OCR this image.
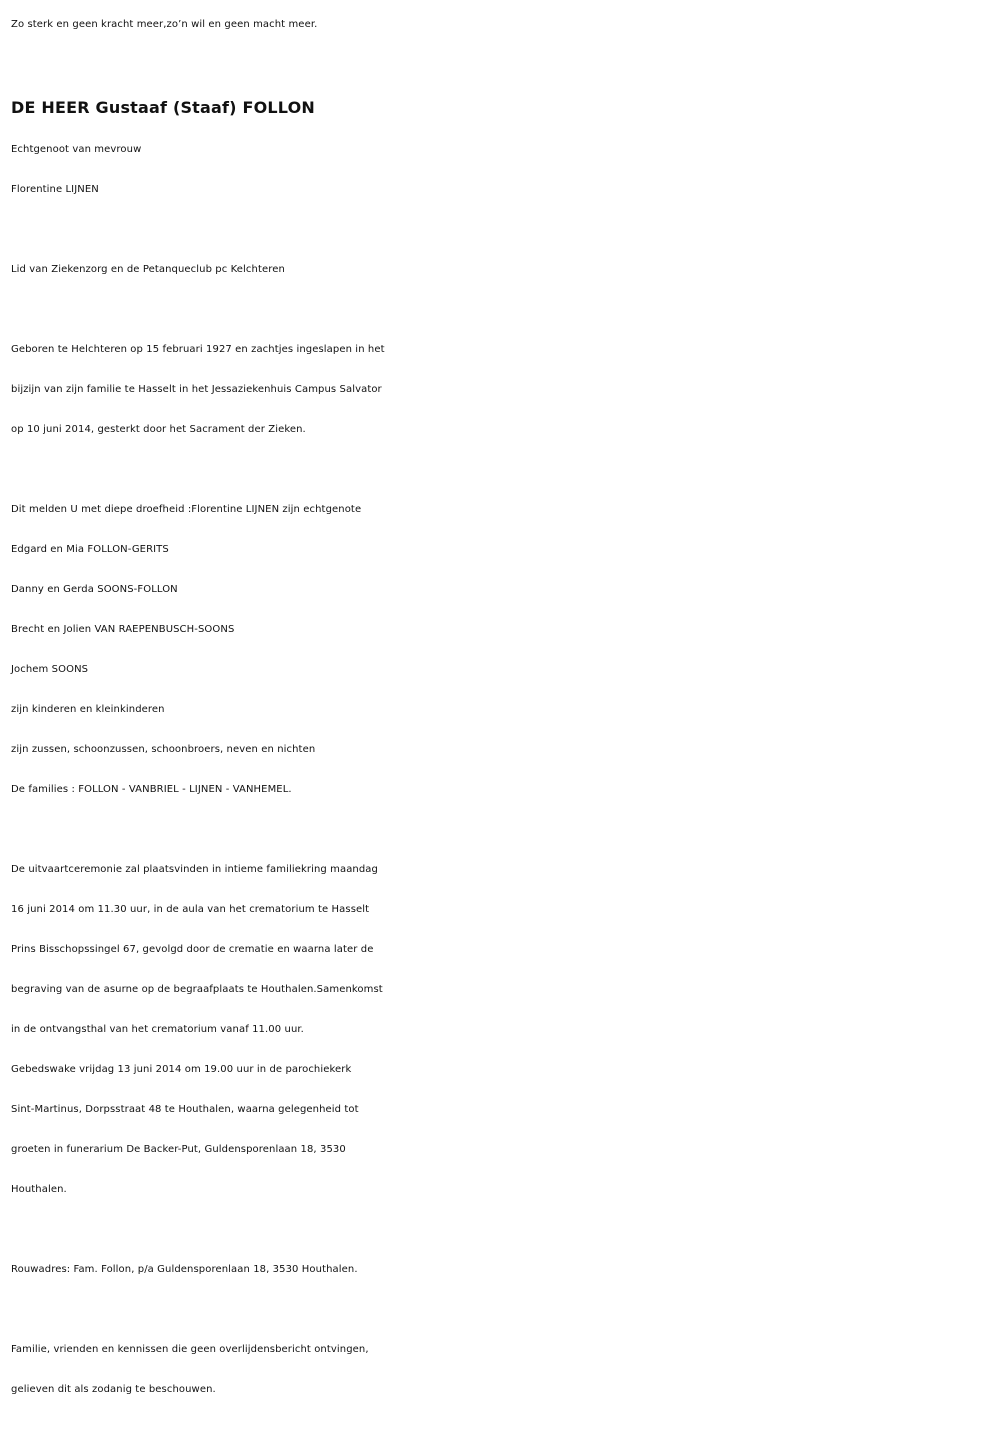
Zo sterk en geen kracht meer,zo’n wil en geen macht meer.
DE HEER Gustaaf (Staaf) FOLLON
Echtgenoot van mevrouw
Florentine LIJNEN
Lid van Ziekenzorg en de Petanqueclub pc Kelchteren
Geboren te Helchteren op 15 februari 1927 en zachtjes ingeslapen in het
bijzijn van zijn familie te Hasselt in het Jessaziekenhuis Campus Salvator
op 10 juni 2014, gesterkt door het Sacrament der Zieken.
Dit melden U met diepe droefheid :Florentine LIJNEN zijn echtgenote
Edgard en Mia FOLLON-GERITS
Danny en Gerda SOONS-FOLLON
Brecht en Jolien VAN RAEPENBUSCH-SOONS
Jochem SOONS
zijn kinderen en kleinkinderen
zijn zussen, schoonzussen, schoonbroers, neven en nichten
De families : FOLLON - VANBRIEL - LIJNEN - VANHEMEL.
De uitvaartceremonie zal plaatsvinden in intieme familiekring maandag
16 juni 2014 om 11.30 uur, in de aula van het crematorium te Hasselt
Prins Bisschopssingel 67, gevolgd door de crematie en waarna later de
begraving van de asurne op de begraafplaats te Houthalen.Samenkomst
in de ontvangsthal van het crematorium vanaf 11.00 uur.
Gebedswake vrijdag 13 juni 2014 om 19.00 uur in de parochiekerk
Sint-Martinus, Dorpsstraat 48 te Houthalen, waarna gelegenheid tot
groeten in funerarium De Backer-Put, Guldensporenlaan 18, 3530
Houthalen.
Rouwadres: Fam. Follon, p/a Guldensporenlaan 18, 3530 Houthalen.
Familie, vrienden en kennissen die geen overlijdensbericht ontvingen,
gelieven dit als zodanig te beschouwen.
